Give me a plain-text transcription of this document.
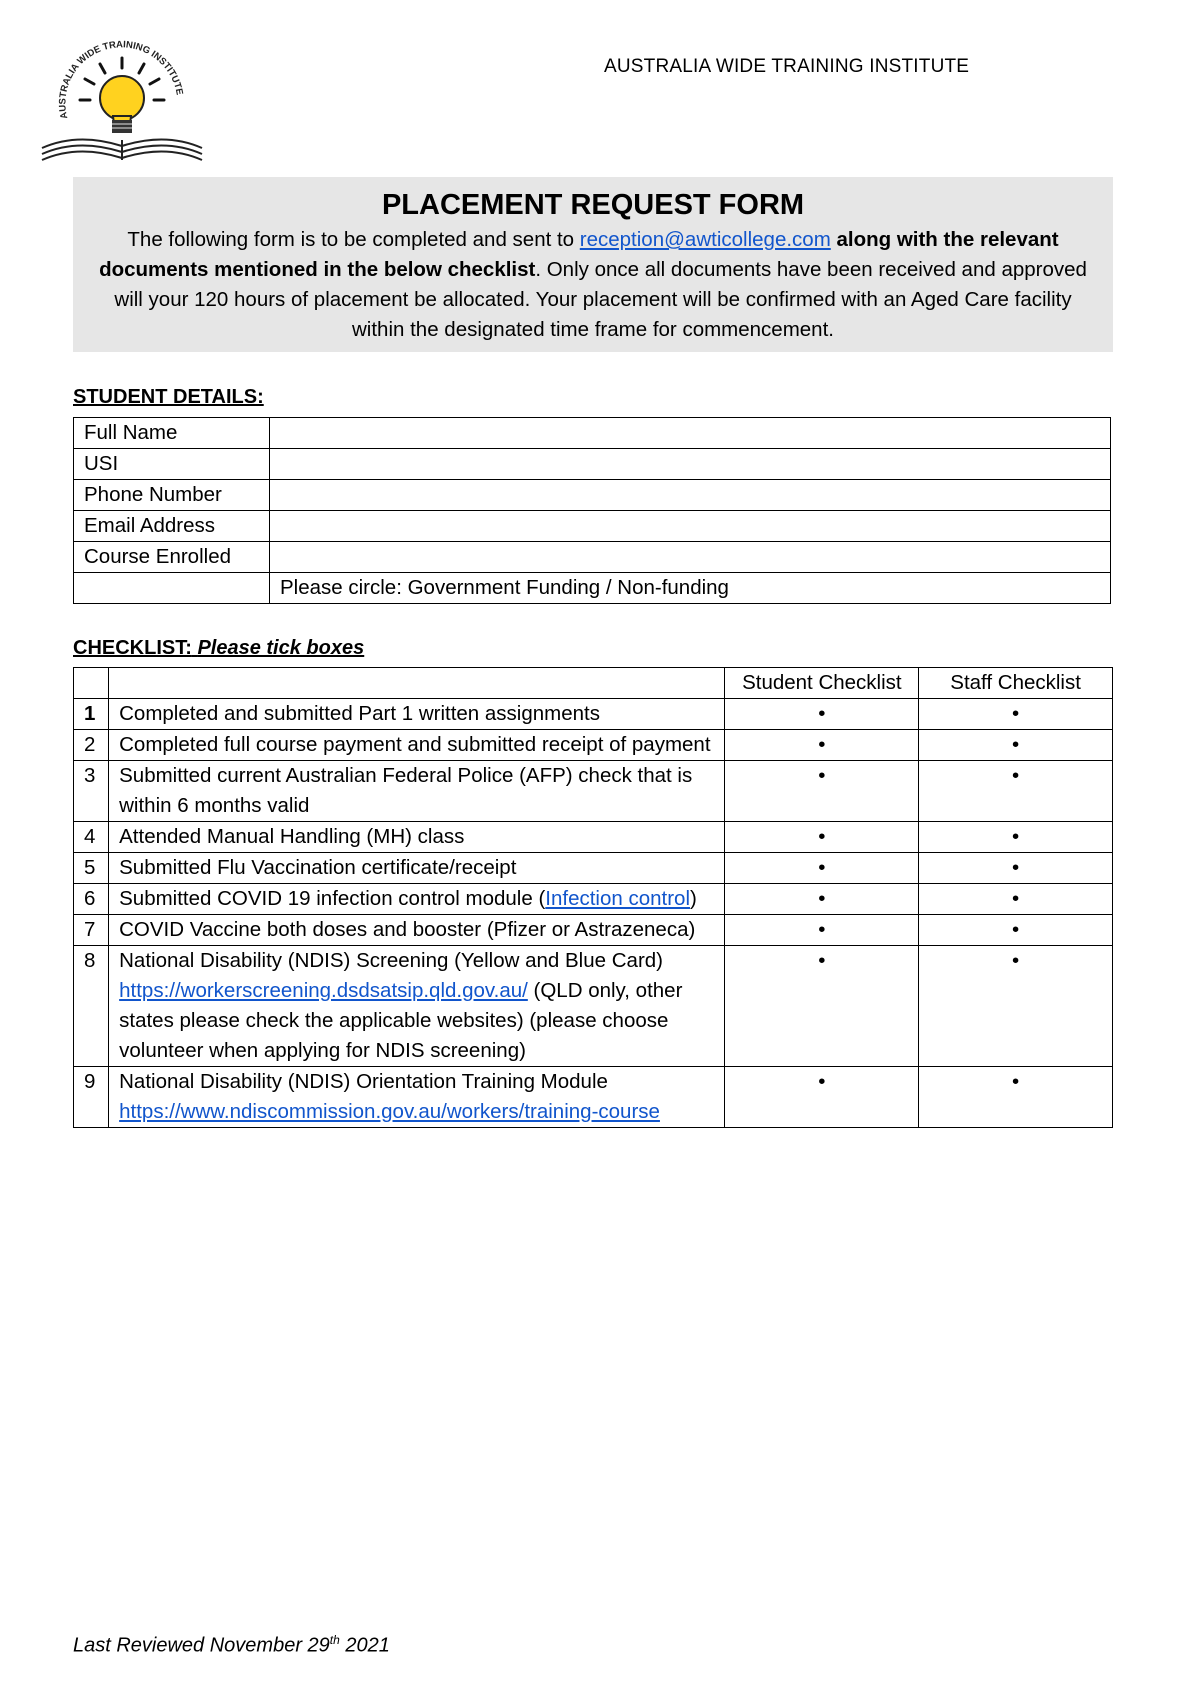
AUSTRALIA WIDE TRAINING INSTITUTE
AUSTRALIA WIDE TRAINING INSTITUTE
PLACEMENT REQUEST FORM

The following form is to be completed and sent to reception@awticollege.com along with the relevant documents mentioned in the below checklist. Only once all documents have been received and approved will your 120 hours of placement be allocated. Your placement will be confirmed with an Aged Care facility within the designated time frame for commencement.

STUDENT DETAILS:
Full Name	
USI	
Phone Number	
Email Address	
Course Enrolled	
	Please circle: Government Funding / Non-funding
CHECKLIST: Please tick boxes
		Student Checklist	Staff Checklist
1	Completed and submitted Part 1 written assignments	•	•
2	Completed full course payment and submitted receipt of payment	•	•
3	Submitted current Australian Federal Police (AFP) check that is within 6 months valid	•	•
4	Attended Manual Handling (MH) class	•	•
5	Submitted Flu Vaccination certificate/receipt	•	•
6	Submitted COVID 19 infection control module (Infection control)	•	•
7	COVID Vaccine both doses and booster (Pfizer or Astrazeneca)	•	•
8	National Disability (NDIS) Screening (Yellow and Blue Card) https://workerscreening.dsdsatsip.qld.gov.au/ (QLD only, other states please check the applicable websites) (please choose volunteer when applying for NDIS screening)	•	•
9	National Disability (NDIS) Orientation Training Module https://www.ndiscommission.gov.au/workers/training-course	•	•
Last Reviewed November 29th 2021
